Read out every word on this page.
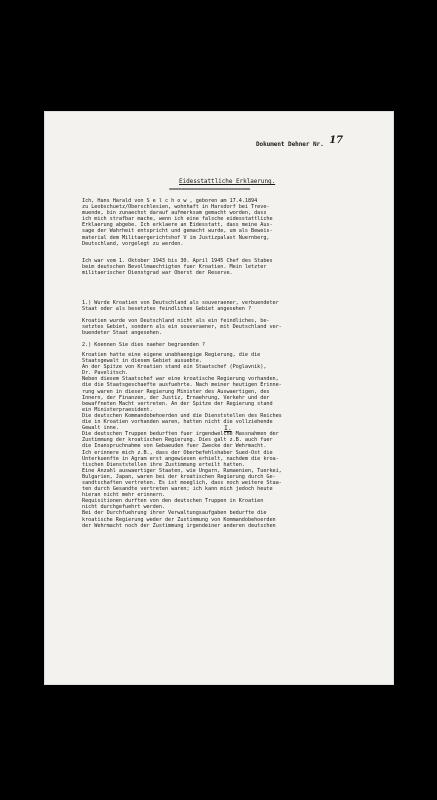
Dokument Dehner Nr. 17
Eidesstattliche Erklaerung.
==========================
Ich, Hans Harald von S e l c h o w , geboren am 17.4.1894
zu Leobschuetz/Oberschlesien, wohnhaft in Harsdorf bei Treve-
muende, bin zunaechst darauf aufmerksam gemacht worden, dass
ich mich strafbar mache, wenn ich eine falsche eidesstattliche
Erklaerung abgebe. Ich erklaere an Eidesstatt, dass meine Aus-
sage der Wahrheit entspricht und gemacht wurde, um als Beweis-
material dem Militaergerichtshof V im Justizpalast Nuernberg,
Deutschland, vorgelegt zu werden.
Ich war vom 1. Oktober 1943 bis 30. April 1945 Chef des Stabes
beim deutschen Bevollmaechtigten fuer Kroatien. Mein letzter
militaerischer Dienstgrad war Oberst der Reserve.
I.
1.) Wurde Kroatien von Deutschland als souveraener, verbuendeter
Staat oder als besetztes feindliches Gebiet angesehen ?
Kroatien wurde von Deutschland nicht als ein feindliches, be-
setztes Gebiet, sondern als ein souveraener, mit Deutschland ver-
buendeter Staat angesehen.
2.) Koennen Sie dies naeher begruenden ?
Kroatien hatte eine eigene unabhaengige Regierung, die die
Staatsgewalt in diesem Gebiet ausuebte.
An der Spitze von Kroatien stand ein Staatschef (Poglavnik),
Dr. Pavelitsch.
Neben diesem Staatschef war eine kroatische Regierung vorhanden,
die die Staatsgeschaefte ausfuehrte. Nach meiner heutigen Erinne-
rung waren in dieser Regierung Minister des Auswaertigen, des
Innern, der Finanzen, der Justiz, Ernaehrung, Verkehr und der
bewaffneten Macht vertreten. An der Spitze der Regierung stand
ein Ministerpraesident.
Die deutschen Kommandobehoerden und die Dienststellen des Reiches
die in Kroatien vorhanden waren, hatten nicht die vollziehende
Gewalt inne.
Die deutschen Truppen bedurften fuer irgendwelche Massnahmen der
Zustimmung der kroatischen Regierung. Dies galt z.B. auch fuer
die Inanspruchnahme von Gebaeuden fuer Zwecke der Wehrmacht.
Ich erinnere mich z.B., dass der Oberbefehlshaber Sued-Ost die
Unterkuenfte in Agram erst angewiesen erhielt, nachdem die kroa-
tischen Dienststellen ihre Zustimmung erteilt hatten.
Eine Anzahl auswaertiger Staaten, wie Ungarn, Rumaenien, Tuerkei,
Bulgarien, Japan, waren bei der kroatischen Regierung durch Ge-
sandtschaften vertreten. Es ist moeglich, dass noch weitere Staa-
ten durch Gesandte vertreten waren; ich kann mich jedoch heute
hieran nicht mehr erinnern.
Requisitionen durften von den deutschen Truppen in Kroatien
nicht durchgefuehrt werden.
Bei der Durchfuehrung ihrer Verwaltungsaufgaben bedurfte die
kroatische Regierung weder der Zustimmung von Kommandobehoerden
der Wehrmacht noch der Zustimmung irgendeiner anderen deutschen
